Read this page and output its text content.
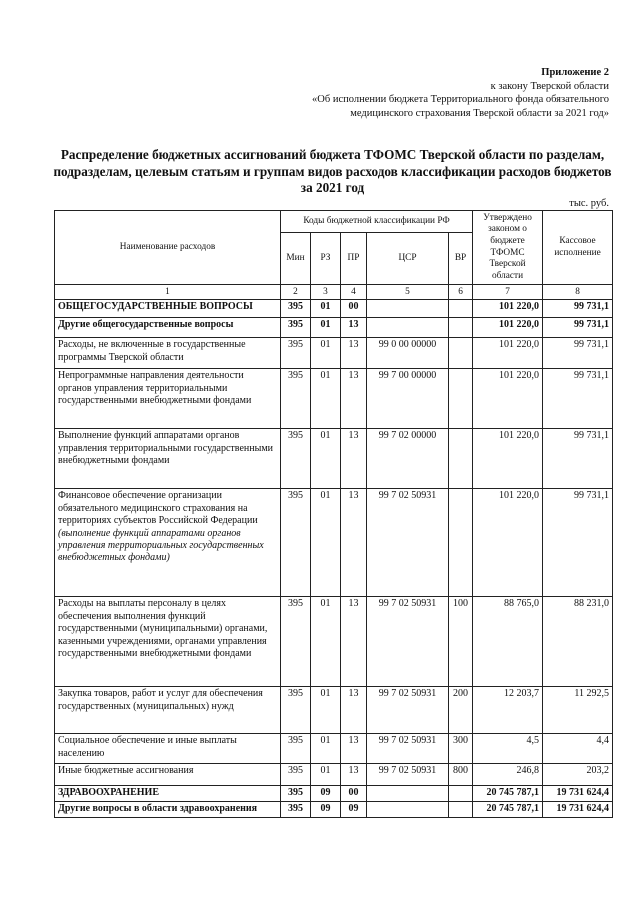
Приложение 2
к закону Тверской области
«Об исполнении бюджета Территориального фонда обязательного
медицинского страхования Тверской области за 2021 год»
Распределение бюджетных ассигнований бюджета ТФОМС Тверской области по разделам, подразделам, целевым статьям и группам видов расходов классификации расходов бюджетов за 2021 год
тыс. руб.
Наименование расходов	Коды бюджетной классификации РФ					Утверждено законом о бюджете ТФОМС Тверской области	Кассовое исполнение
	Мин	РЗ	ПР	ЦСР	ВР		
1	2	3	4	5	6	7	8
ОБЩЕГОСУДАРСТВЕННЫЕ ВОПРОСЫ	395	01	00			101 220,0	99 731,1
Другие общегосударственные вопросы	395	01	13			101 220,0	99 731,1
Расходы, не включенные в государственные программы Тверской области	395	01	13	99 0 00 00000		101 220,0	99 731,1
Непрограммные направления деятельности органов управления территориальными государственными внебюджетными фондами	395	01	13	99 7 00 00000		101 220,0	99 731,1
Выполнение функций аппаратами органов управления территориальными государственными внебюджетными фондами	395	01	13	99 7 02 00000		101 220,0	99 731,1
Финансовое обеспечение организации обязательного медицинского страхования на территориях субъектов Российской Федерации (выполнение функций аппаратами органов управления территориальных государственных внебюджетных фондами)	395	01	13	99 7 02 50931		101 220,0	99 731,1
Расходы на выплаты персоналу в целях обеспечения выполнения функций государственными (муниципальными) органами, казенными учреждениями, органами управления государственными внебюджетными фондами	395	01	13	99 7 02 50931	100	88 765,0	88 231,0
Закупка товаров, работ и услуг для обеспечения государственных (муниципальных) нужд	395	01	13	99 7 02 50931	200	12 203,7	11 292,5
Социальное обеспечение и иные выплаты населению	395	01	13	99 7 02 50931	300	4,5	4,4
Иные бюджетные ассигнования	395	01	13	99 7 02 50931	800	246,8	203,2
ЗДРАВООХРАНЕНИЕ	395	09	00			20 745 787,1	19 731 624,4
Другие вопросы в области здравоохранения	395	09	09			20 745 787,1	19 731 624,4
